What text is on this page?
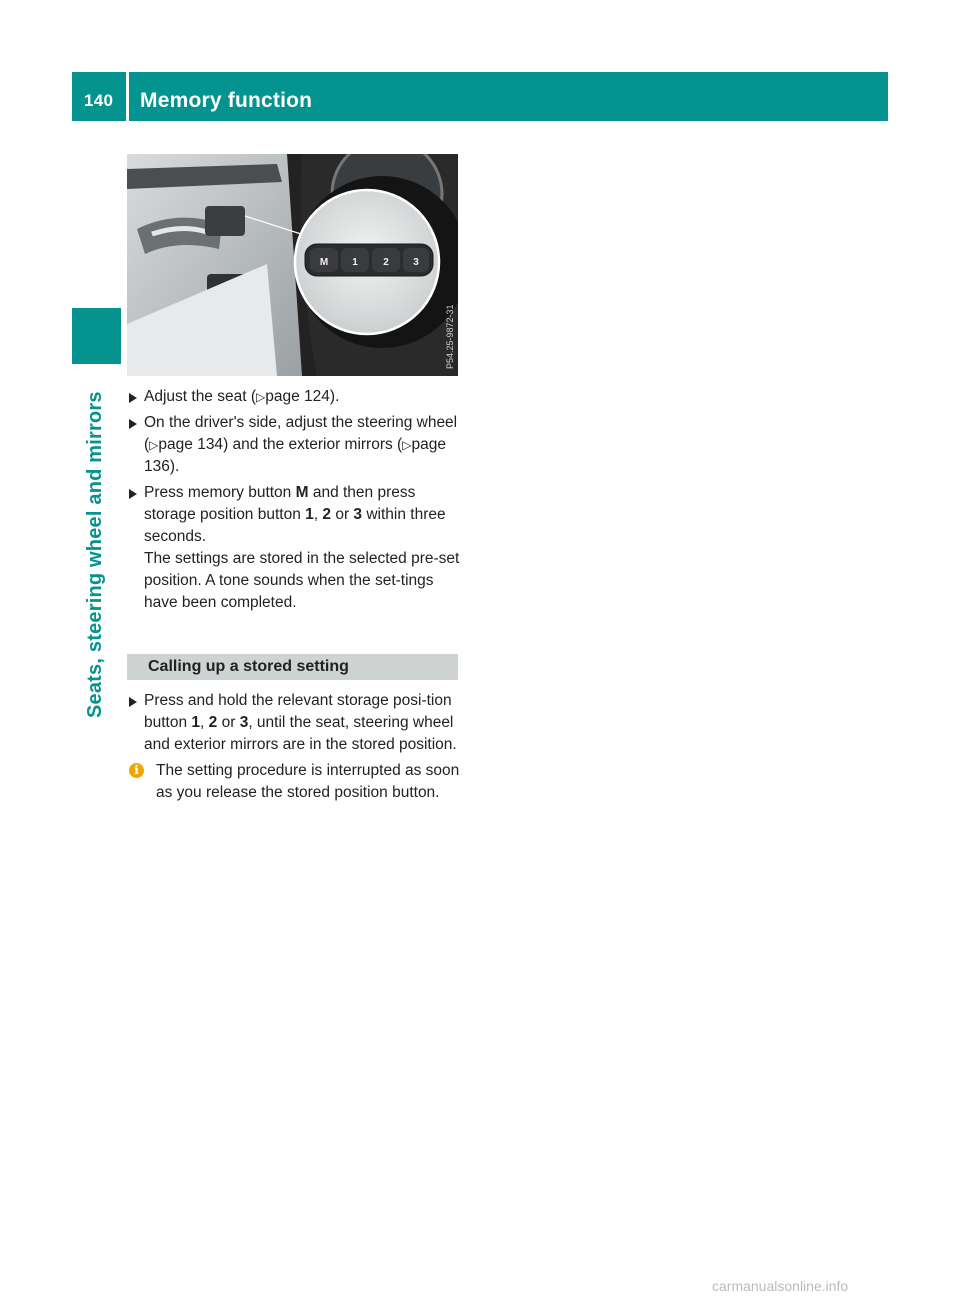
140	Memory function
Seats, steering wheel and mirrors
M 1	2 3
P54.25-9872-31

Adjust the seat (▷page 124).

On the driver's side, adjust the steering wheel (▷page 134) and the exterior mirrors (▷page 136).

Press memory button M and then press storage position button 1, 2 or 3 within three seconds.

The settings are stored in the selected pre-set position. A tone sounds when the set-tings have been completed.

Calling up a stored setting

Press and hold the relevant storage posi-tion button 1, 2 or 3, until the seat, steering wheel and exterior mirrors are in the stored position.

i	The setting procedure is interrupted as soon as you release the stored position button.

carmanualsonline.info
